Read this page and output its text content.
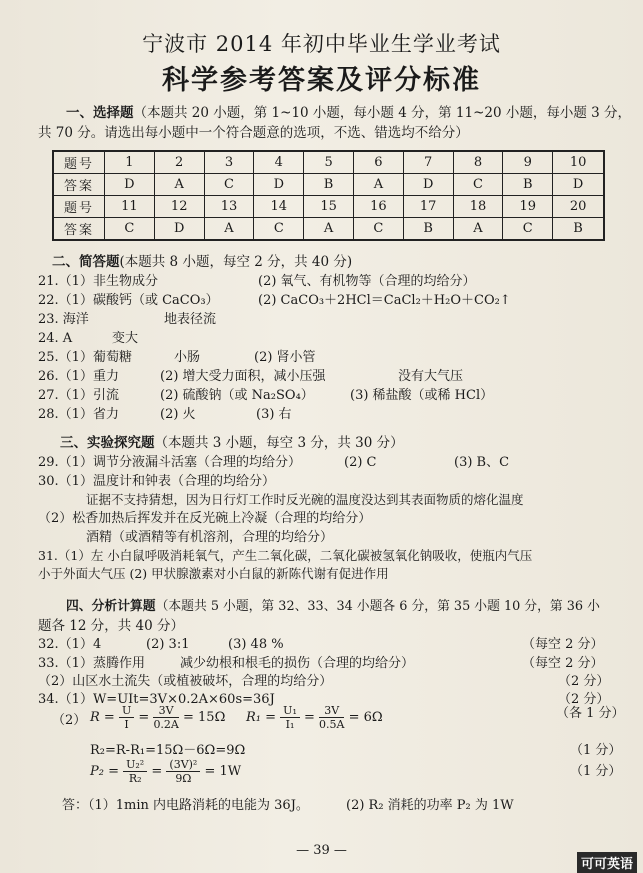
宁波市 2014 年初中毕业生学业考试
科学参考答案及评分标准
一、选择题（本题共 20 小题，第 1~10 小题，每小题 4 分，第 11~20 小题，每小题 3 分，
共 70 分。请选出每小题中一个符合题意的选项，不选、错选均不给分）
题号	1	2	3	4	5	6	7	8	9	10
答案	D	A	C	D	B	A	D	C	B	D
题号	11	12	13	14	15	16	17	18	19	20
答案	C	D	A	C	A	C	B	A	C	B
二、简答题(本题共 8 小题，每空 2 分，共 40 分)
21.（1）非生物成分	(2) 氧气、有机物等（合理的均给分）
22.（1）碳酸钙（或 CaCO₃）	(2) CaCO₃＋2HCl＝CaCl₂＋H₂O＋CO₂↑
23. 海洋	地表径流
24. A	变大
25.（1）葡萄糖	小肠	(2) 肾小管
26.（1）重力	(2) 增大受力面积，减小压强	没有大气压
27.（1）引流	(2) 硫酸钠（或 Na₂SO₄）	(3) 稀盐酸（或稀 HCl）
28.（1）省力	(2) 火	(3) 右
三、实验探究题（本题共 3 小题，每空 3 分，共 30 分）
29.（1）调节分液漏斗活塞（合理的均给分）	(2) C	(3) B、C
30.（1）温度计和钟表（合理的均给分）
证据不支持猜想，因为日行灯工作时反光碗的温度没达到其表面物质的熔化温度
（2）松香加热后挥发并在反光碗上冷凝（合理的均给分）
酒精（或酒精等有机溶剂，合理的均给分）
31.（1）左 小白鼠呼吸消耗氧气，产生二氧化碳，二氧化碳被氢氧化钠吸收，使瓶内气压
小于外面大气压 (2) 甲状腺激素对小白鼠的新陈代谢有促进作用
四、分析计算题（本题共 5 小题，第 32、33、34 小题各 6 分，第 35 小题 10 分，第 36 小
题各 12 分，共 40 分）
32.（1）4	(2) 3:1	(3) 48 %	（每空 2 分）
33.（1）蒸腾作用	减少幼根和根毛的损伤（合理的均给分）	（每空 2 分）
（2）山区水土流失（或植被破坏，合理的均给分）	（2 分）
34.（1）W=UIt=3V×0.2A×60s=36J	（2 分）
（2） $R = \frac{U}{I} = \frac{3V}{0.2A} = 15\Omega$ $R_1 = \frac{\text{U₁}}{\text{I₁}} = \frac{3V}{0.5A} = 6\Omega$	（各 1 分）
R₂=R-R₁=15Ω－6Ω=9Ω	（1 分）
$P_2 = \frac{\text{U₂²}}{\text{R₂}} = \frac{\text{(3V)²}}{9\Omega} = 1W$	（1 分）
答：（1）1min 内电路消耗的电能为 36J。	(2) R₂ 消耗的功率 P₂ 为 1W
— 39 —
可可英语
